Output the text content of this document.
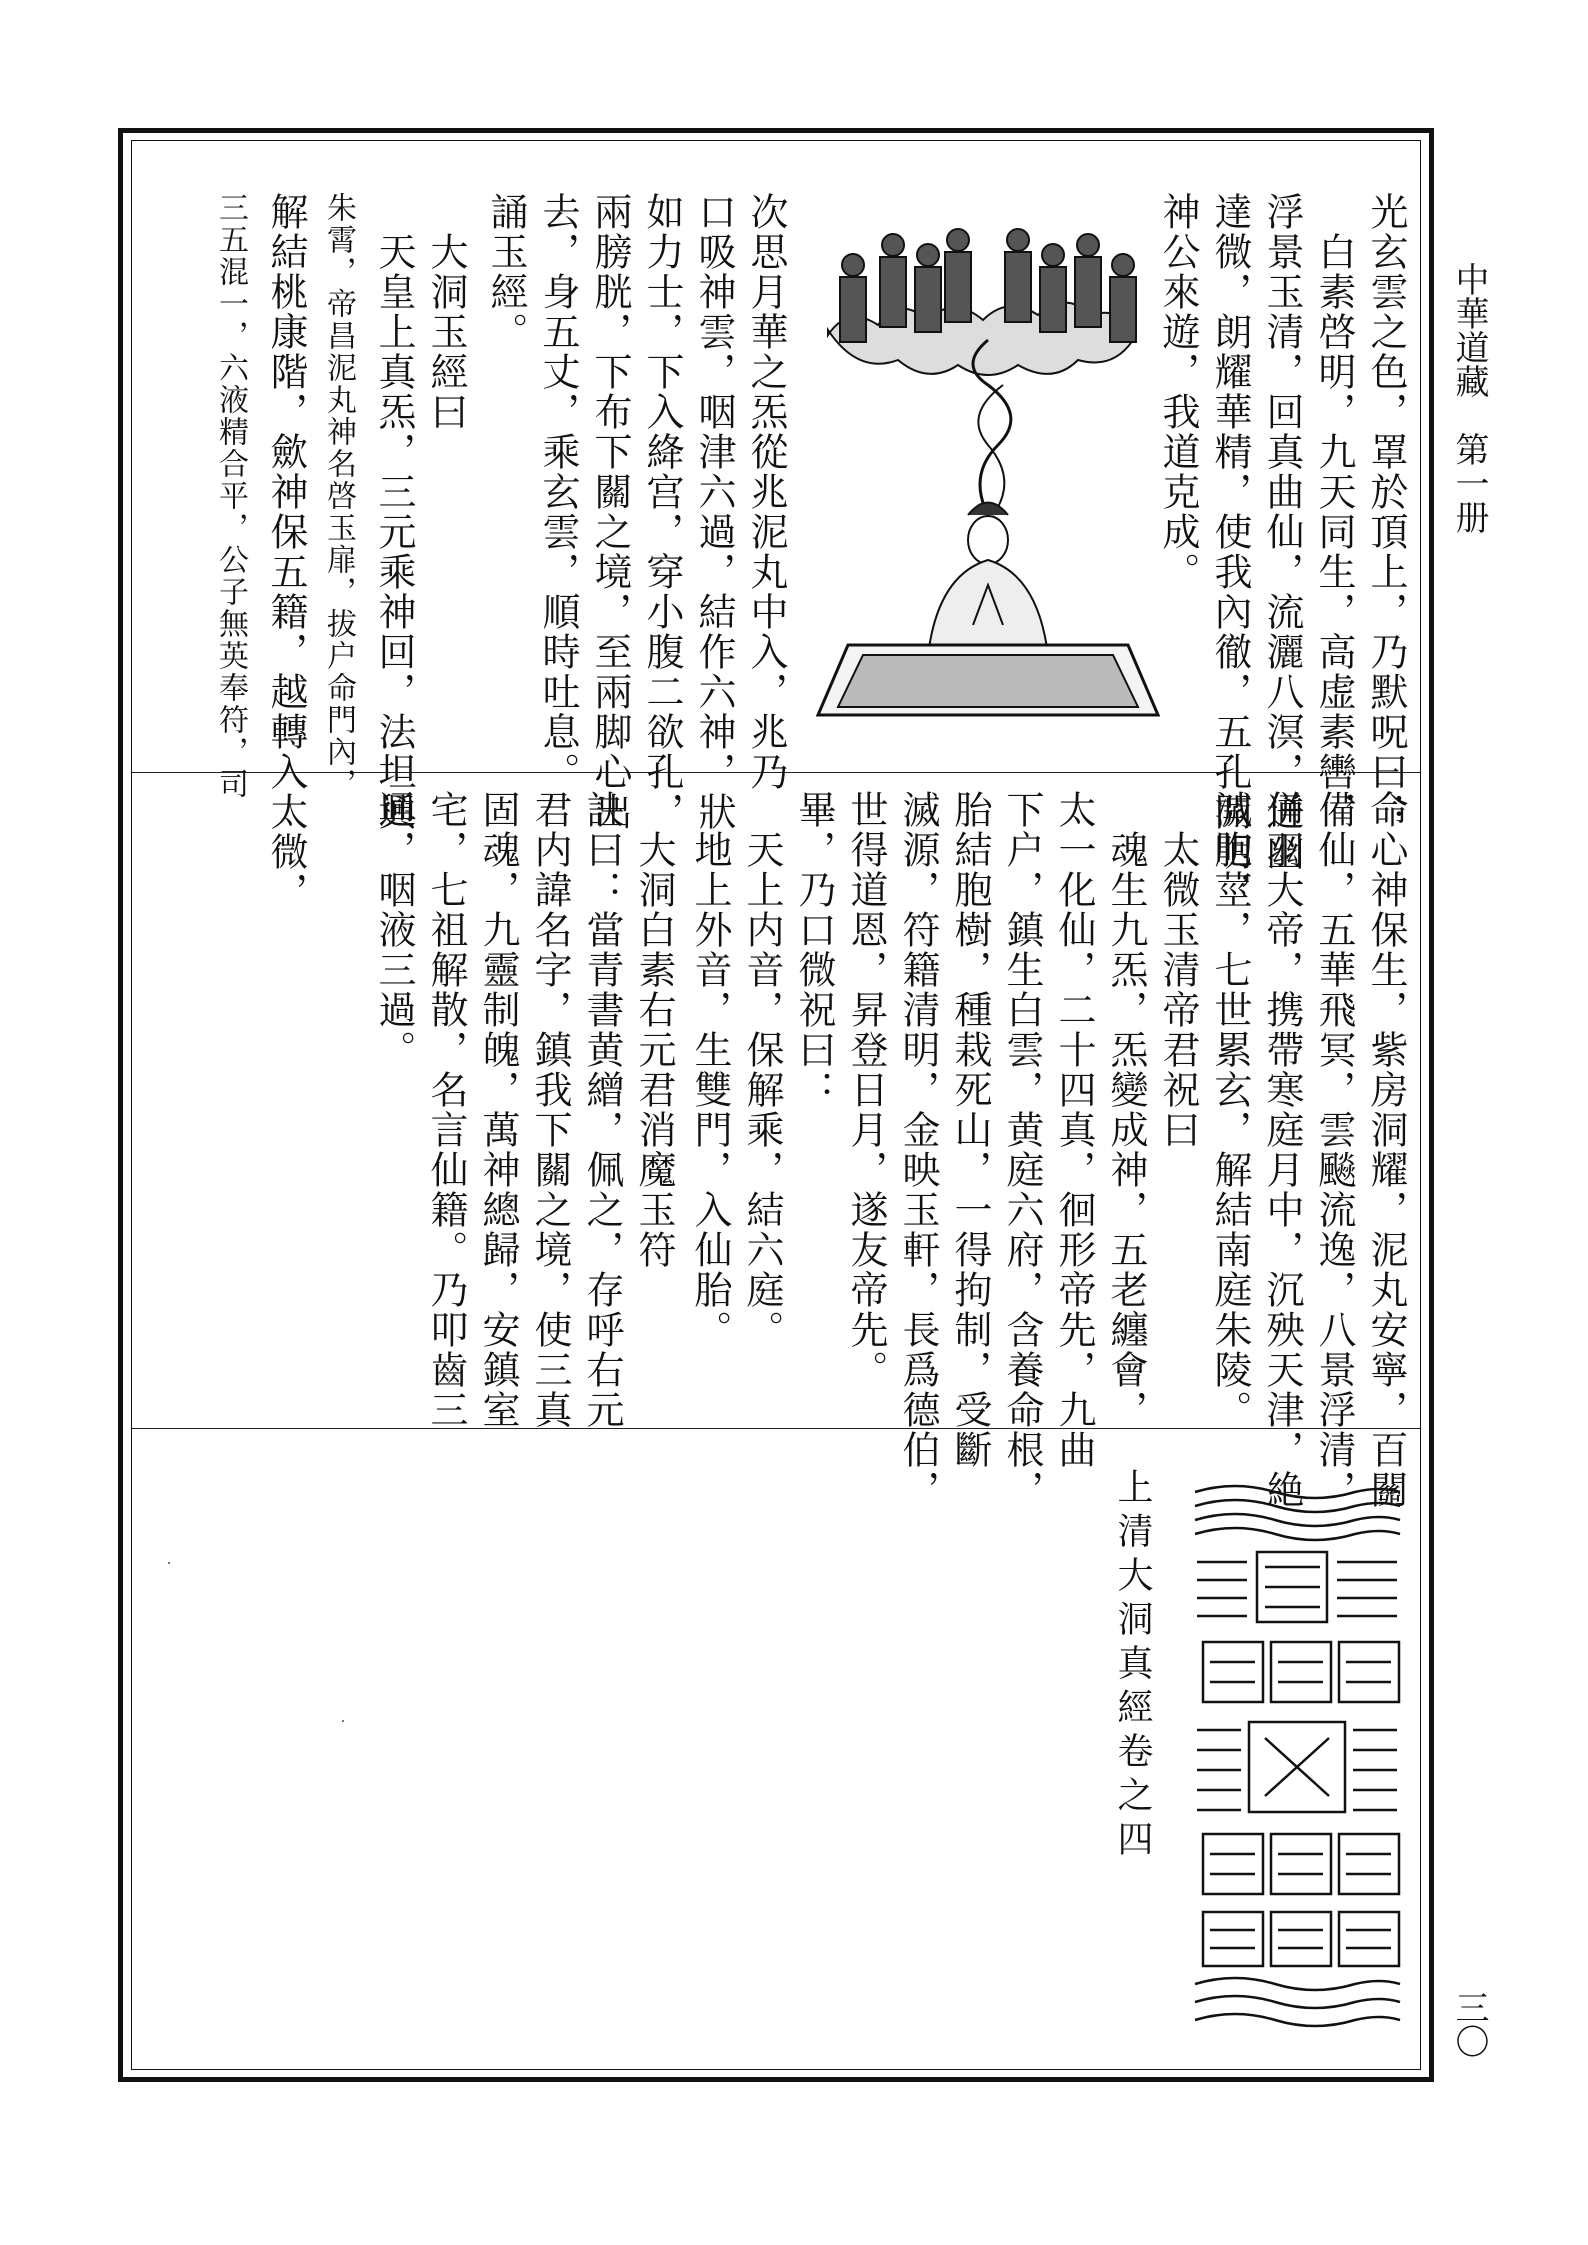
中華道藏　第一册
三〇
光玄雲之色，罩於頂上，乃默呪曰：
　白素啓明，九天同生，高虚素轡，
浮景玉清，回真曲仙，流灑八溟，通幽
達微，朗耀華精，使我內徹，五孔開明，
神公來遊，我道克成。
次思月華之炁從兆泥丸中入，兆乃
口吸神雲，咽津六過，結作六神，狀
如力士，下入絳宫，穿小腹二欲孔，
兩膀胱，下布下關之境，至兩脚心出
去，身五丈，乘玄雲，順時吐息。
誦玉經。
　大洞玉經曰
　天皇上真炁，三元乘神回，法坦興
朱霄，帝昌泥丸神名啓玉扉，拔户命門內，
解結桃康階，歛神保五籍，越轉入太微，
三五混一，六液精合平，公子無英奉符，司
命心神保生，紫房洞耀，泥丸安寧，百關
備仙，五華飛冥，雲飈流逸，八景浮清，
併羽大帝，携帶寒庭月中，沉殃天津，絶
滅胞莖，七世累玄，解結南庭朱陵。
　太微玉清帝君祝曰
　魂生九炁，炁變成神，五老纏會，
太一化仙，二十四真，徊形帝先，九曲
下户，鎮生白雲，黄庭六府，含養命根，
胎結胞樹，種栽死山，一得拘制，受斷
滅源，符籍清明，金映玉軒，長爲德伯，
世得道恩，昇登日月，遂友帝先。
畢，乃口微祝曰：
　天上内音，保解乘，結六庭。
　地上外音，生雙門，入仙胎。
　大洞白素右元君消魔玉符
訣曰：當青書黄繒，佩之，存呼右元
君内諱名字，鎮我下關之境，使三真
固魂，九靈制魄，萬神總歸，安鎮室
宅，七祖解散，名言仙籍。乃叩齒三
通，咽液三過。
上清大洞真經卷之四
